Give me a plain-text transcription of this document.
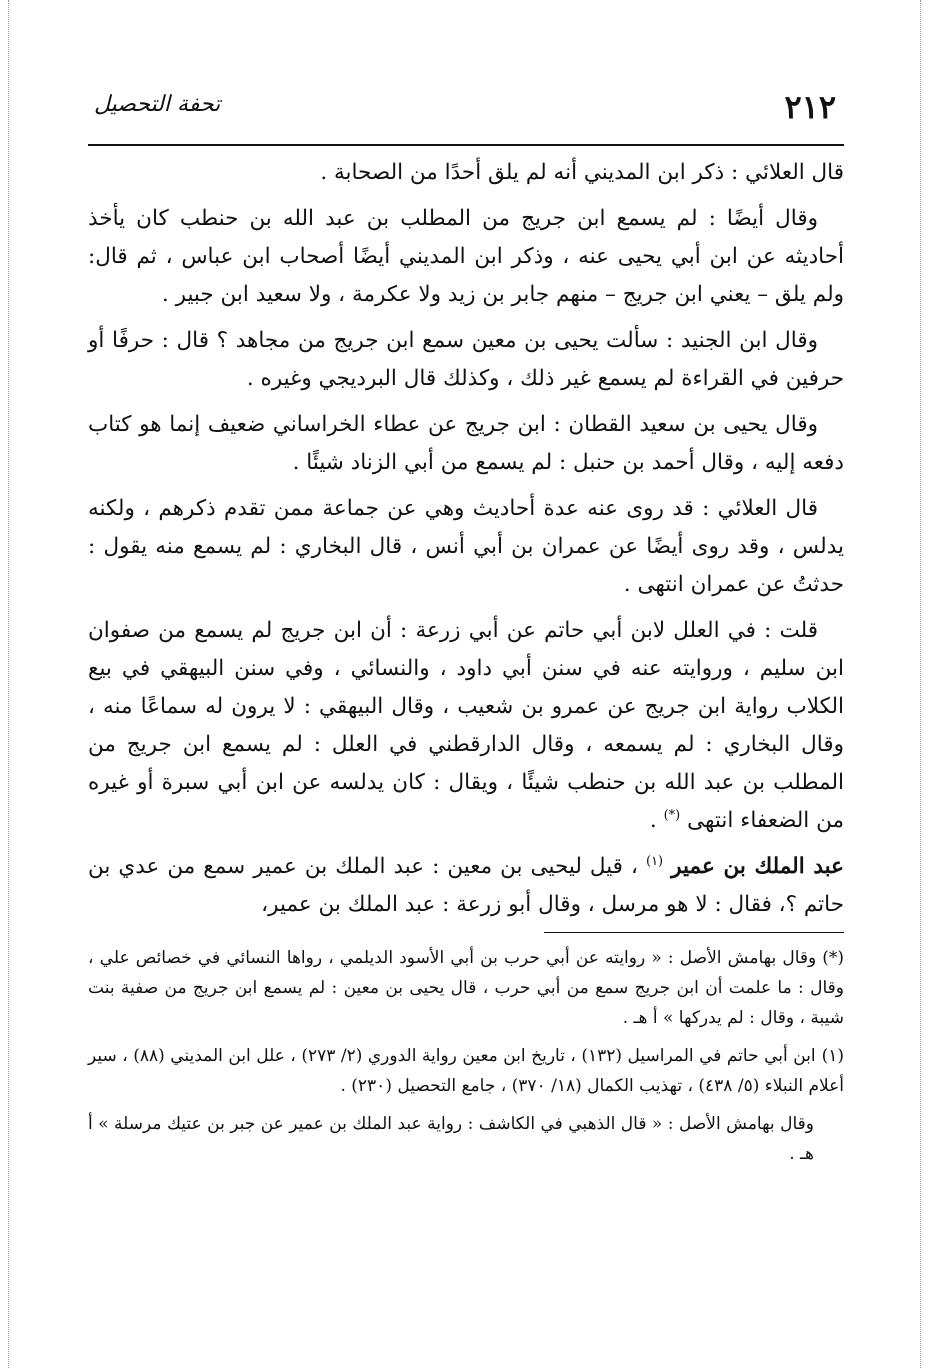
٢١٢
تحفة التحصيل

قال العلائي : ذكر ابن المديني أنه لم يلق أحدًا من الصحابة .

وقال أيضًا : لم يسمع ابن جريج من المطلب بن عبد الله بن حنطب كان يأخذ أحاديثه عن ابن أبي يحيى عنه ، وذكر ابن المديني أيضًا أصحاب ابن عباس ، ثم قال: ولم يلق – يعني ابن جريج – منهم جابر بن زيد ولا عكرمة ، ولا سعيد ابن جبير .

وقال ابن الجنيد : سألت يحيى بن معين سمع ابن جريج من مجاهد ؟ قال : حرفًا أو حرفين في القراءة لم يسمع غير ذلك ، وكذلك قال البرديجي وغيره .

وقال يحيى بن سعيد القطان : ابن جريج عن عطاء الخراساني ضعيف إنما هو كتاب دفعه إليه ، وقال أحمد بن حنبل : لم يسمع من أبي الزناد شيئًا .

قال العلائي : قد روى عنه عدة أحاديث وهي عن جماعة ممن تقدم ذكرهم ، ولكنه يدلس ، وقد روى أيضًا عن عمران بن أبي أنس ، قال البخاري : لم يسمع منه يقول : حدثتُ عن عمران انتهى .

قلت : في العلل لابن أبي حاتم عن أبي زرعة : أن ابن جريج لم يسمع من صفوان ابن سليم ، وروايته عنه في سنن أبي داود ، والنسائي ، وفي سنن البيهقي في بيع الكلاب رواية ابن جريج عن عمرو بن شعيب ، وقال البيهقي : لا يرون له سماعًا منه ، وقال البخاري : لم يسمعه ، وقال الدارقطني في العلل : لم يسمع ابن جريج من المطلب بن عبد الله بن حنطب شيئًا ، ويقال : كان يدلسه عن ابن أبي سبرة أو غيره من الضعفاء انتهى (*) .

عبد الملك بن عمير $^{(١)}$ ، قيل ليحيى بن معين : عبد الملك بن عمير سمع من عدي بن حاتم ؟، فقال : لا هو مرسل ، وقال أبو زرعة : عبد الملك بن عمير،

(*)وقال بهامش الأصل : « روايته عن أبي حرب بن أبي الأسود الديلمي ، رواها النسائي في خصائص علي ، وقال : ما علمت أن ابن جريج سمع من أبي حرب ، قال يحيى بن معين : لم يسمع ابن جريج من صفية بنت شيبة ، وقال : لم يدركها » أ هـ .

(١)ابن أبي حاتم في المراسيل (١٣٢) ، تاريخ ابن معين رواية الدوري (٢/ ٢٧٣) ، علل ابن المديني (٨٨) ، سير أعلام النبلاء (٥/ ٤٣٨) ، تهذيب الكمال (١٨/ ٣٧٠) ، جامع التحصيل (٢٣٠) .

وقال بهامش الأصل : « قال الذهبي في الكاشف : رواية عبد الملك بن عمير عن جبر بن عتيك مرسلة » أ هـ .
